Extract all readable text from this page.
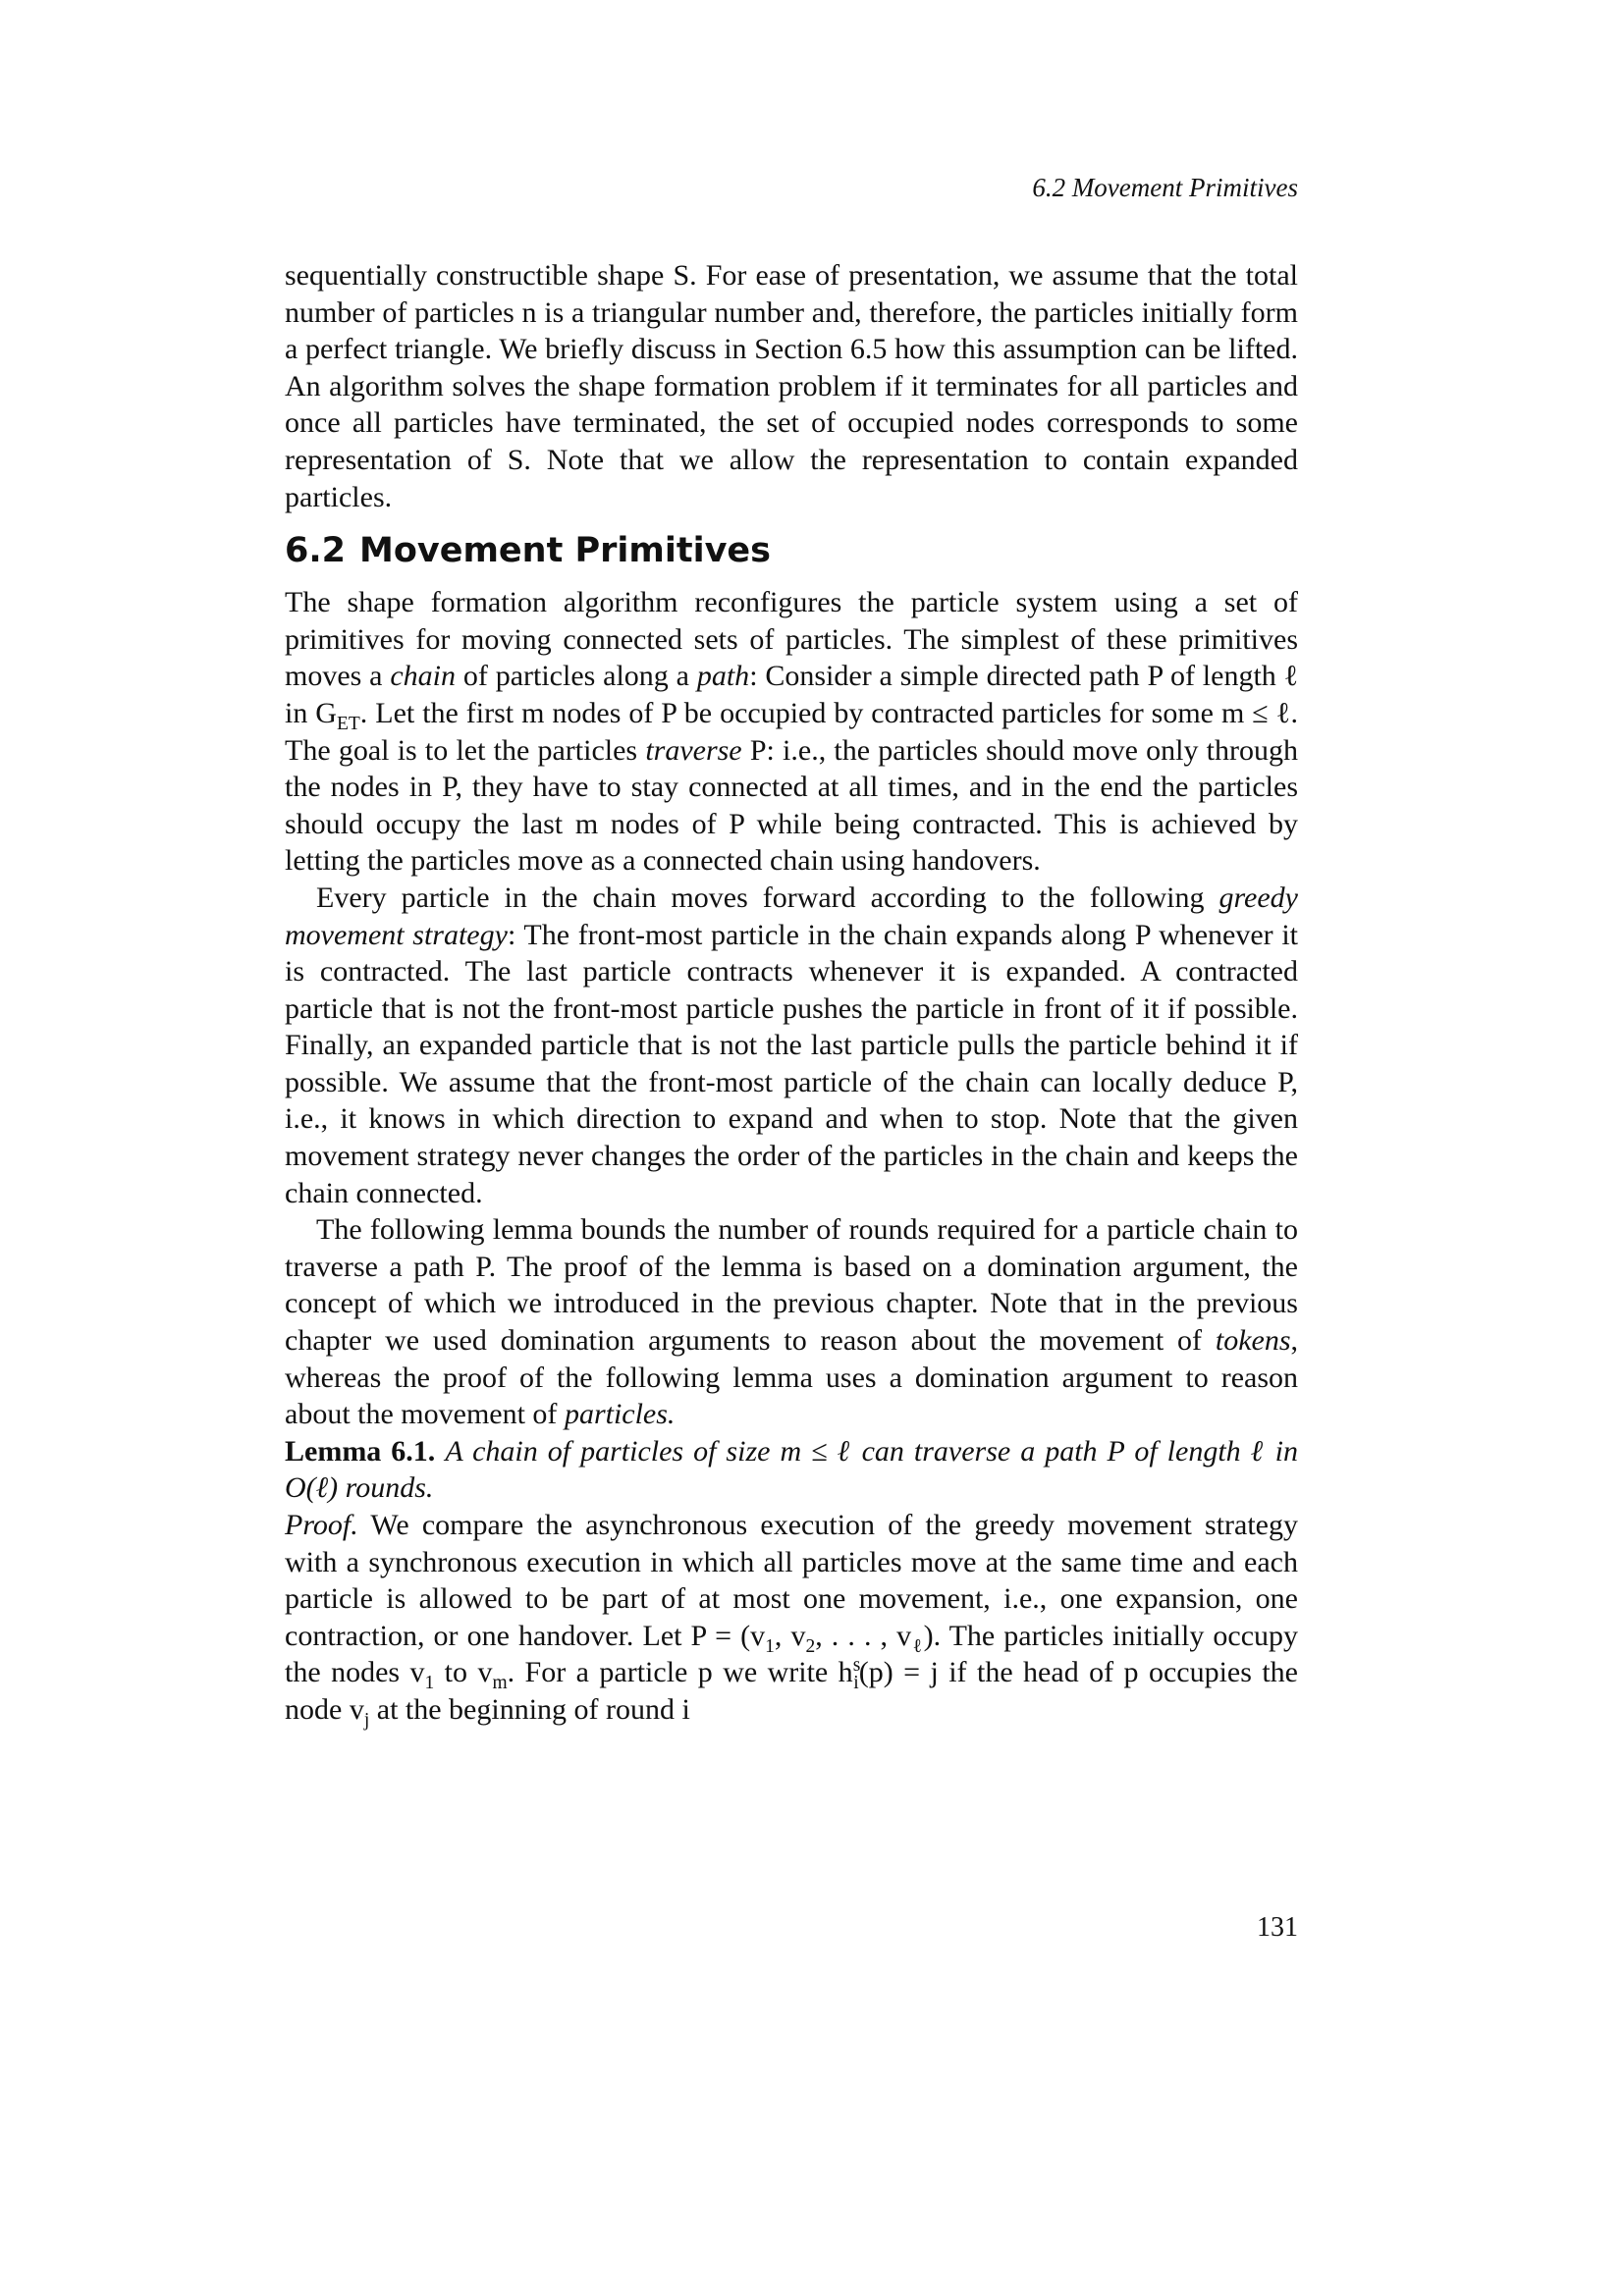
6.2 Movement Primitives

sequentially constructible shape S. For ease of presentation, we assume that the total number of particles n is a triangular number and, therefore, the particles initially form a perfect triangle. We briefly discuss in Section 6.5 how this assumption can be lifted. An algorithm solves the shape formation problem if it terminates for all particles and once all particles have terminated, the set of occupied nodes corresponds to some representation of S. Note that we allow the representation to contain expanded particles.

6.2 Movement Primitives

The shape formation algorithm reconfigures the particle system using a set of primitives for moving connected sets of particles. The simplest of these primitives moves a chain of particles along a path: Consider a simple directed path P of length ℓ in $G_{ET}$. Let the first m nodes of P be occupied by contracted particles for some m ≤ ℓ. The goal is to let the particles traverse P: i.e., the particles should move only through the nodes in P, they have to stay connected at all times, and in the end the particles should occupy the last m nodes of P while being contracted. This is achieved by letting the particles move as a connected chain using handovers.

Every particle in the chain moves forward according to the following greedy movement strategy: The front-most particle in the chain expands along P whenever it is contracted. The last particle contracts whenever it is expanded. A contracted particle that is not the front-most particle pushes the particle in front of it if possible. Finally, an expanded particle that is not the last particle pulls the particle behind it if possible. We assume that the front-most particle of the chain can locally deduce P, i.e., it knows in which direction to expand and when to stop. Note that the given movement strategy never changes the order of the particles in the chain and keeps the chain connected.

The following lemma bounds the number of rounds required for a particle chain to traverse a path P. The proof of the lemma is based on a domination argument, the concept of which we introduced in the previous chapter. Note that in the previous chapter we used domination arguments to reason about the movement of tokens, whereas the proof of the following lemma uses a domination argument to reason about the movement of particles.

Lemma 6.1. A chain of particles of size m ≤ ℓ can traverse a path P of length ℓ in O(ℓ) rounds.

Proof. We compare the asynchronous execution of the greedy movement strategy with a synchronous execution in which all particles move at the same time and each particle is allowed to be part of at most one movement, i.e., one expansion, one contraction, or one handover. Let $P = (v_1$, $v_2$, . . . , $v_\ell$). The particles initially occupy the nodes $v_1$ to $v_m$. For a particle p we write $h^s_i(p) = j$ if the head of p occupies the node $v_j$ at the beginning of round i

131
